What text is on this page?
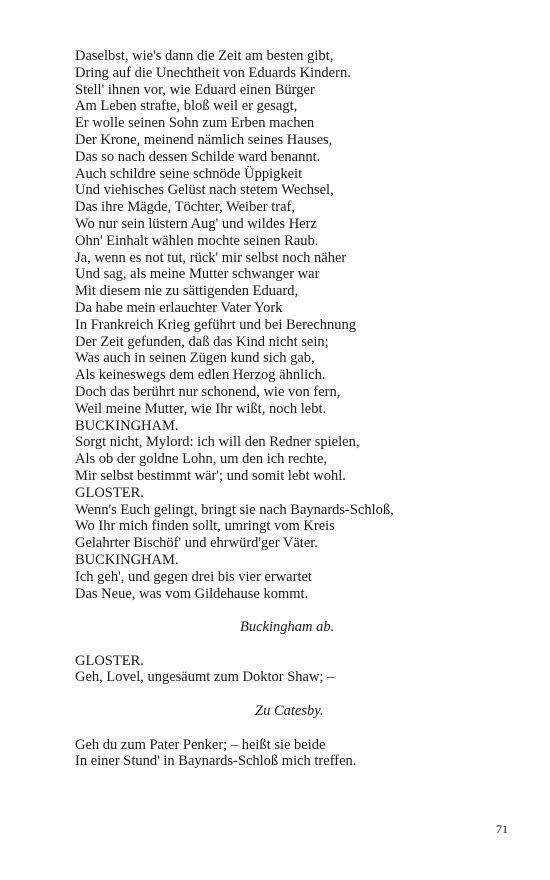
Daselbst, wie's dann die Zeit am besten gibt,
Dring auf die Unechtheit von Eduards Kindern.
Stell' ihnen vor, wie Eduard einen Bürger
Am Leben strafte, bloß weil er gesagt,
Er wolle seinen Sohn zum Erben machen
Der Krone, meinend nämlich seines Hauses,
Das so nach dessen Schilde ward benannt.
Auch schildre seine schnöde Üppigkeit
Und viehisches Gelüst nach stetem Wechsel,
Das ihre Mägde, Töchter, Weiber traf,
Wo nur sein lüstern Aug' und wildes Herz
Ohn' Einhalt wählen mochte seinen Raub.
Ja, wenn es not tut, rück' mir selbst noch näher
Und sag, als meine Mutter schwanger war
Mit diesem nie zu sättigenden Eduard,
Da habe mein erlauchter Vater York
In Frankreich Krieg geführt und bei Berechnung
Der Zeit gefunden, daß das Kind nicht sein;
Was auch in seinen Zügen kund sich gab,
Als keineswegs dem edlen Herzog ähnlich.
Doch das berührt nur schonend, wie von fern,
Weil meine Mutter, wie Ihr wißt, noch lebt.
BUCKINGHAM.
Sorgt nicht, Mylord: ich will den Redner spielen,
Als ob der goldne Lohn, um den ich rechte,
Mir selbst bestimmt wär'; und somit lebt wohl.
GLOSTER.
Wenn's Euch gelingt, bringt sie nach Baynards-Schloß,
Wo Ihr mich finden sollt, umringt vom Kreis
Gelahrter Bischöf' und ehrwürd'ger Väter.
BUCKINGHAM.
Ich geh', und gegen drei bis vier erwartet
Das Neue, was vom Gildehause kommt.
Buckingham ab.
GLOSTER.
Geh, Lovel, ungesäumt zum Doktor Shaw; –
Zu Catesby.
Geh du zum Pater Penker; – heißt sie beide
In einer Stund' in Baynards-Schloß mich treffen.
71
